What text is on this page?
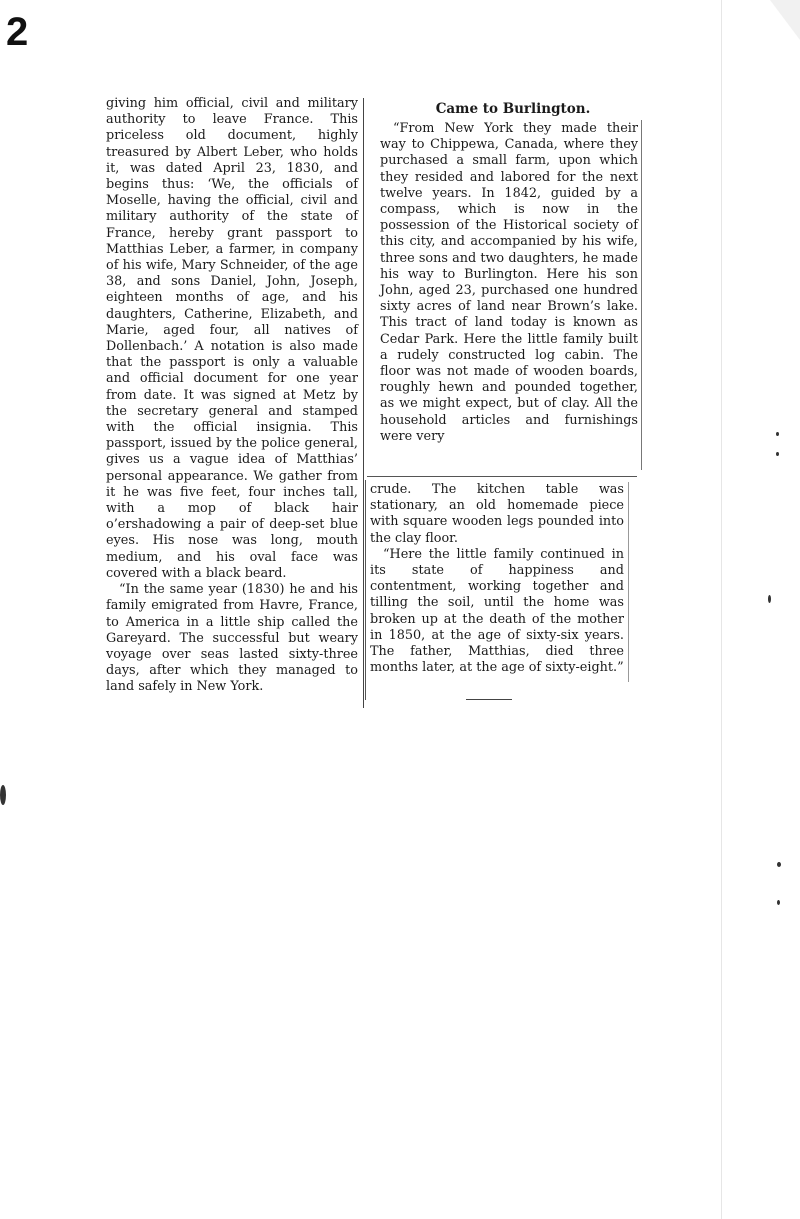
2

giving him official, civil and military authority to leave France. This priceless old document, highly treasured by Albert Leber, who holds it, was dated April 23, 1830, and begins thus: ‘We, the officials of Moselle, having the official, civil and military authority of the state of France, hereby grant passport to Matthias Leber, a farmer, in company of his wife, Mary Schneider, of the age 38, and sons Daniel, John, Joseph, eighteen months of age, and his daughters, Catherine, Elizabeth, and Marie, aged four, all natives of Dollenbach.’ A notation is also made that the passport is only a valuable and official document for one year from date. It was signed at Metz by the secretary general and stamped with the official insignia. This passport, issued by the police general, gives us a vague idea of Matthias’ personal appearance. We gather from it he was five feet, four inches tall, with a mop of black hair o’ershadowing a pair of deep-set blue eyes. His nose was long, mouth medium, and his oval face was covered with a black beard.

“In the same year (1830) he and his family emigrated from Havre, France, to America in a little ship called the Gareyard. The successful but weary voyage over seas lasted sixty-three days, after which they managed to land safely in New York.

Came to Burlington.

“From New York they made their way to Chippewa, Canada, where they purchased a small farm, upon which they resided and labored for the next twelve years. In 1842, guided by a compass, which is now in the possession of the Historical society of this city, and accompanied by his wife, three sons and two daughters, he made his way to Burlington. Here his son John, aged 23, purchased one hundred sixty acres of land near Brown’s lake. This tract of land today is known as Cedar Park. Here the little family built a rudely constructed log cabin. The floor was not made of wooden boards, roughly hewn and pounded together, as we might expect, but of clay. All the household articles and furnishings were very

crude. The kitchen table was stationary, an old homemade piece with square wooden legs pounded into the clay floor.

“Here the little family continued in its state of happiness and contentment, working together and tilling the soil, until the home was broken up at the death of the mother in 1850, at the age of sixty-six years. The father, Matthias, died three months later, at the age of sixty-eight.”
